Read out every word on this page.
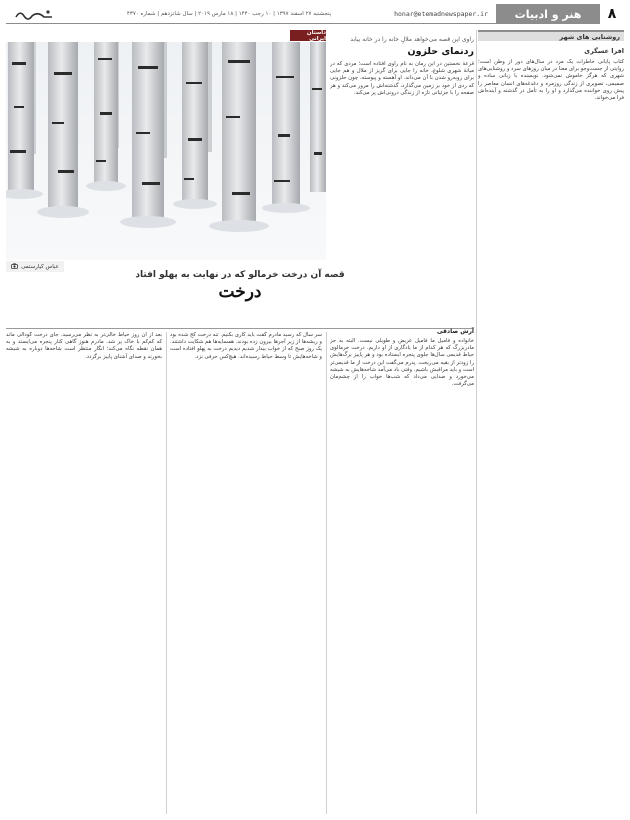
۸
هنر و ادبیات
honar@etemadnewspaper.ir
پنجشنبه ۲۷ اسفند ۱۳۹۷ | ۱۰ رجب ۱۴۴۰ | ۱۸ مارس ۲۰۱۹ | سال شانزدهم | شماره ۴۳۷۰
روشنایی های شهر
افرا عسگری

کتاب پایانی خاطرات یک مرد در سال‌های دور از وطن است؛ روایتی از جست‌وجو برای معنا در میان روزهای سرد و روشنایی‌های شهری که هرگز خاموش نمی‌شود. نویسنده با زبانی ساده و صمیمی، تصویری از زندگی روزمره و دغدغه‌های انسان معاصر را پیش روی خواننده می‌گذارد و او را به تأمل در گذشته و آینده‌اش فرا می‌خواند.

راوی این قصه می‌خواهد ملالِ خانه را در خانه بیابد
ردنمای حلزون

قرعهٔ نخستین در این رمان به نام راوی افتاده است؛ مردی که در میانهٔ شهری شلوغ، خانه را جایی برای گریز از ملال و هم جایی برای روبه‌رو شدن با آن می‌داند. او آهسته و پیوسته، چون حلزونی که ردی از خود بر زمین می‌گذارد، گذشته‌اش را مرور می‌کند و هر صفحه را با جزئیاتی تازه از زندگی درونی‌اش پر می‌کند.

داستان ایرانی
عباس کیارستمی
قصه آن درخت خرمالو که در نهایت به پهلو افتاد
درخت
آرش صادقی

خانواده و فامیل ما فامیل عریض و طویلی نیست. البته به جز مادربزرگ که هر کدام از ما یادگاری از او داریم. درخت خرمالوی حیاط قدیمی سال‌ها جلوی پنجره ایستاده بود و هر پاییز برگ‌هایش را زودتر از بقیه می‌ریخت. پدرم می‌گفت این درخت از ما قدیمی‌تر است و باید مراقبش باشیم. وقتی باد می‌آمد شاخه‌هایش به شیشه می‌خورد و صدایی می‌داد که شب‌ها خواب را از چشم‌مان می‌گرفت.

سر سال که رسید مادرم گفت باید کاری بکنیم. تنه درخت کج شده بود و ریشه‌ها از زیر آجرها بیرون زده بودند. همسایه‌ها هم شکایت داشتند. یک روز صبح که از خواب بیدار شدیم دیدیم درخت به پهلو افتاده است و شاخه‌هایش تا وسط حیاط رسیده‌اند. هیچ‌کس حرفی نزد.

بعد از آن روز حیاط خالی‌تر به نظر می‌رسید. جای درخت گودالی ماند که کم‌کم با خاک پر شد. مادرم هنوز گاهی کنار پنجره می‌ایستد و به همان نقطه نگاه می‌کند؛ انگار منتظر است شاخه‌ها دوباره به شیشه بخورند و صدای آشنای پاییز برگردد.
